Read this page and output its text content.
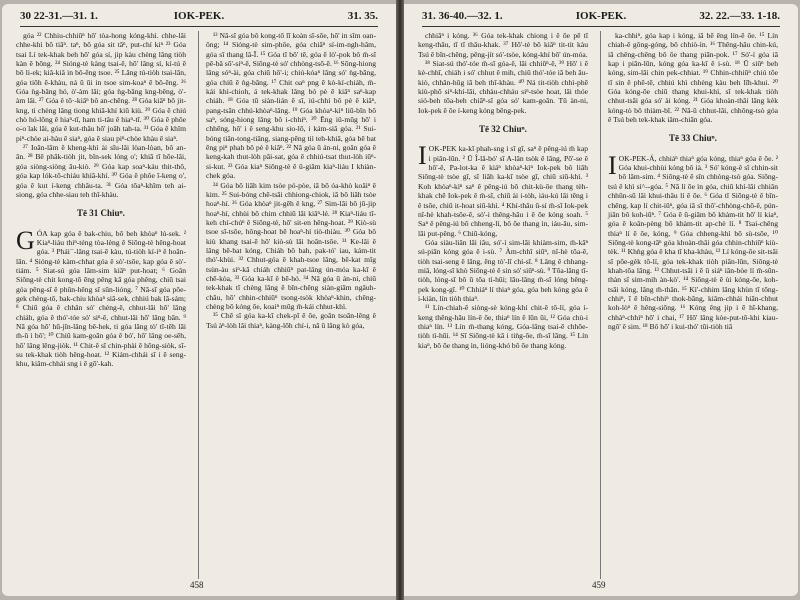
30 22-31.—31. 1.	IOK-PEK.	31. 35.

góa ²² Chhiu-chhiūⁿ hō' tòa-hong kóng-khì. chhe-lâi chhe-khì bô tiâⁿ. taⁿ, bô góa sit tāⁿ, put-chí kiⁿ ²³ Góa tsai Lí tek-khak beh hō' góa sí, jip kàu chèng lâng tiòh kàn ê bōng. ²⁴ Sióng-tè kàng tsai-ê, hō' lâng sí, kí-tú ē bô li-ek; kiâ-kiâ in bô-ēng tsoe. ²⁵ Lâng tú-tiòh tsai-lān, góa tiōh ē-khàu, ná ū ūi in tsoe sim-koaⁿ ē bô-ēng. ²⁶ Góa ǹg-bāng hó, ò'-àm lâi; góa ǹg-bāng kng-bêng, ò'-àm lâi. ²⁷ Góa ê tō·-kiâⁿ bô an-chēng. ²⁸ Góa kiâⁿ bô jit-kng, ti chèng lâng tiong khiā-khí kiû kiù. ²⁹ Góa ê chiú chò hó-lông ê hiaⁿ-tī, ham ti-tâu ê hiaⁿ-tī. ³⁰ Góa ê phôe o͘-o͘ lak lâi, góa ê kut-thâu hō' joāh tah-ta. ³¹ Góa ê khîm piⁿ-chòe ai-hàu ê siaⁿ, góa ê siau piⁿ-chòe khàu ê siaⁿ.

²⁷ Ioân-lâm ê kheng-khì ài sīu-lâi lòan-lòan, bô an-ān. ²⁸ Bē phāk-tiòh jit, bîn-sek lóng o'; khiā tī hōe-lâi, góa siòng-siòng āu-kiò. ²⁹ Góa kap soaⁿ-káu thit-thô, góa kap lók-tô-chiáu khiā-khí. ³⁰ Góa ê phôe ī-keng o', góa ê kut í-keng chhâu-ta. ³¹ Góa tōaⁿ-khîm teh ai-siong, góa chhe-siau teh thî-khàu.

Tē 31 Chiuⁿ.

GÓA kap góa ê bak-chiu, bô beh khòaⁿ lú-sek. ² Kiaⁿ-liáu thiⁿ-téng tòa-lèng ê Siōng-tè hêng-hoat góa. ³ Phái⁻-lâng tsai-ē kàu, tú-tiòh kí-iⁿ ê hoān-lān. ⁴ Sióng-tè kàm-chhat góa ê sò'-tsōe, kap góa ê sò'-tiám. ⁵ Siat-sú góa lâm-sim kiâⁿ put-hoat; ⁶ Goân Siōng-tè chit kong-tō ēng pêng kā góa phêng, chiū tsai góa pêng-sī ê phûn-hêng sī sūn-lióng. ⁷ Nā-sī góa pōe-gek chèng-tō, bak-chiu khòaⁿ siā-sek, chhiú bak lā-sám; ⁸ Chiū góa ê chhân só' chèng-ê, chhut-lâi hō' lâng chiáh, góa ê thó'-tóe só' siⁿ-ê, chhut-lâi hō' lâng bān. ⁹ Nā góa hō' hū-jîn-lâng bê-hek, ti góa lâng tò' tī-tēh lāi m̄-ū ì bô'; ¹⁰ Chiū kam-goān góa ê bó', hō' lâng oe-sēh, hō' lâng lêng-jiòk. ¹¹ Chit-ê sī chin-phài ê hōng-siòk, sī-su tek-khak tiòh hêng-hoat. ¹² Kiám-chhái sī i ē seng-khu, kiâm-chhái sng i ē gō'-kah.

¹³ Nā-sī góa bô kong-tō lī koàn sī-sōe, hō' in sīm oan-ông; ¹⁴ Sióng-tè sim-phôe, góa chiâⁿ sí-im-ngh-hâm, góa sī thang lâ-Ĩ. ¹⁵ Góa tī bô' tē, góa ē lò'-pok bô m̄-sī pê-bâ sō'-siⁿ-ē, Siōng-tè só' chhòng-tsō-ē. ¹⁶ Sōng-hiong lâng sóⁿ-ài, góa chiū hō'-i; chiú-kóaⁿ lâng só' ǹg-bāng, góa chiū ē ǹg-bāng. ¹⁷ Chit oaⁿ png ē kò-kí-chiáh, m̄-kái khì-chioh, á tek-khak lâng bó pè ē kiâⁿ saⁿ-kap chiáh. ¹⁸ Góa tū siàn-lián ê sî, iú-chhí bô pè ê kiâⁿ, pang-tsān chhú-khòaⁿ-lâng. ¹⁹ Góa khòaⁿ-kìⁿ liū-bīn bô saⁿ, sóng-hiong lâng bô i-chhiⁿ. ²⁰ Ēng iû-mūg hō' i chhēng, hō' i ê seng-khu sio-lō, i kám-siā góa. ²¹ Sui-bóng tiân-tong-tiâng, siang-pêng tiì teh-khiā, góa bē bat ēng piⁿ phah bô pè ê kiâⁿ. ²² Nā góa ū án-ni, goân góa ê keng-kah thut-lòh pāi-sat, góa ê chhiú-tsat thut-lòh iûⁿ-si-kut. ²³ Góa kiaⁿ Siōng-tè ê ū-giâm kiaⁿ-liáu I khiàn-chek góa.

²⁴ Góa bô liāh kim tsòe pó-pòe, iā bô óa-khò koâiⁿ ê kim. ²⁵ Sui-bóng chē-tsāi chhiong-chiok, iā bô liâh tsòe hoaⁿ-hí. ²⁶ Góa khòaⁿ jit-gēh ê kng, ²⁷ Sim-lāi bô jū-jip hoaⁿ-hí, chhùi bô chim chhiū lâi kiâⁿ-lé. ²⁸ Kiaⁿ-liáu tī-keh chí-chúⁿ ê Siōng-tè, hō' sit-en hêng-hoat. ²⁹ Kiò-sù tsoe sī-tsōe, hông-hoat bē hoaⁿ-hí tiò-thiàu. ³⁰ Góa bô kiù khang tsai-ē hō' kiò-sù lâi hoān-tsōe. ³¹ Ke-lâi ê lâng bē-bat kóng, Chiáh bô bah, pak-tó' iau, kám-tit thó'-khùi. ³² Chhut-góa ê khah-tsoe lâng, bē-kat mīg tsùn-àu siⁿ-kā chiáh chhiūⁿ pat-lâng ún-móa ka-kī ê chē-kòa, ³³ Góa ka-kī ê bē-hó. ³⁴ Nā góa ū án-ni, chiū tek-khak tī chèng lâng ê bīn-chêng siàn-giām ngāuh-chāu, hō' chhin-chhiūⁿ tsong-tsòk khòaⁿ-khin, chēng-chèng bô kóng ōe, koaiⁿ mūg m̄-kái chhut-khì.

³⁵ Chē sī góa ka-kī chek-pī ê ōe, goān tsoān-lêng ê Tsú àⁿ-lòh lâi thiaⁿ, kàng-lōh chí-i, nā ū lâng kò góa,

458
31. 36-40.—32. 1.	IOK-PEK.	32. 22.—33. 1-18.

chhiāⁿ i kóng. ³⁶ Góa tek-khak chiong i ê ōe pē tī keng-thâu, tī tī thâu-khak. ³⁷ Hō'-tè bô kiâⁿ tit-tit kàu Tsú ê bīn-chêng, pêng-jít só'-tsòe, kóng-khí bô' ún-móa.

³⁸ Siat-sú thó'-tóe m̄-sī góa-ê, lâi chhiūⁿ-ê, ³⁹ Hō' i ē kè-chhī, chiáh i só' chhut ê mih, chiū thó'-tóe iā beh āu-kiò, chhân-hūg iā beh thī-khàu. ⁴⁰ Ná tit-tiòh chhì-phē kiù-phō siⁿ-khí-lâi, chhàu-chháu siⁿ-tsòe hoat, lâi thóe sió-beh tōa-beh chiāⁿ-sī góa só' kam-goān. Tû àn-ni, Iok-pek ê ōe í-keng kóng bêng-pek.

Tē 32 Chiuⁿ.

IOK-PEK ka-kī phah-sng i sī gī, saⁿ ê pêng-iú m̄ kap i piān-lūn. ² Ū Î-lâ-bó' sī A-lân tsòk ê lâng, Pō'-se ê hō'-ê, Pa-lot-ka ê kiáⁿ khòaⁿ-kìⁿ Iok-pek bô liâh Siōng-tè tsòe gī, sī liāh ka-kī tsòe gī, chiū siū-khì. ³ Koh khòaⁿ-kìⁿ saⁿ ê pêng-iú bô chit-kù-ōe thang tèh-khak chē Iok-pek ê m̄-sī, chiū ài i-tòh, iáu-kú lâi tēng i ê tsōe, chiū it-hoat siū-khì. ⁴ Khí-thâu ū-sí m̄-sī Iok-pek nî-hè khah-tsōe-ê, só'-i thêng-hāu i ê ōe kóng soah. ⁵ Saⁿ ê pêng-iú bô chheng-lí, bô ōe thang ìn, iáu-āu, sim-lāi put-pêng. ⁶ Chiū-kóng,

Góa siàu-liân lâi iâu, só'-í sim-lāi khiàm-sim, m̄-kāⁿ sú-piān kóng góa ê i-sù. ⁷ Àm-chhī siūⁿ, nî-hè tōa-ê, tiòh tsai-seng ê lâng, ēng tò'-lî chí-sī. ⁸ Lâng ê chhang-miâ, lóng-sī khò Siōng-tè ê sin só' siūⁿ-sù. ⁹ Tōa-lâng tī-tiòh, lóng-sī bô ū tōa tì-hūi; lāu-lâng m̄-sī lóng bêng-pek kong-gī. ¹⁰ Chhiáⁿ lí thiaⁿ góa, góa beh kóng góa ê i-kiàn, lín tiòh thiaⁿ.

¹¹ Lín-chiah-ê siòng-sè kóng-khí chit-ê tō-lí, góa í-keng thêng-hāu lín-ê ōe, thiaⁿ lín ê lūn ūi, ¹² Góa chù-i thiaⁿ lín. ¹³ Lín m̄-thang kóng, Góa-lâng tsai-ē chhōe-tiòh tì-hūi. ¹⁴ Sī Siōng-tè kā i tiǹg-ōe, m̄-sī lâng. ¹⁵ Lín kiaⁿ, bô ōe thang ìn, lióng-khó bô ōe thang kóng.

ka-chhiⁿ, góa kap i kóng, iā bē ēng lín-ê ōe. ¹⁵ Lín chiah-ê gông-góng, bô chhiò-ìn. ¹⁶ Thêng-hāu chin-kú, iā chêng-chêng bô ōe thang piān-pok. ¹⁷ Só'-í góa iā kap i piān-lūn, kóng góa ka-kī ê i-sù. ¹⁸ Ū siūⁿ beh kóng, sim-lāi chin pek-chhiat. ¹⁹ Chhin-chhiūⁿ chiú tōe tī sin ê phê-tē, chhiú khì chhèng kàu beh lîh-khui. ²⁰ Góa kóng-ōe chiū thang khui-khì, sī tek-khak tiòh chhut-tsāi góa só' ài kóng. ²¹ Góa khoàn-thâi lâng kèk kóng-tò bô thiàm-bī. ²² Nā-ū chhut-lâi, chhông-tsò góa ê Tsú beh tek-khak iâm-chiān góa.

Tē 33 Chiuⁿ.

IOK-PEK-Á, chhiáⁿ thiaⁿ góa kóng, thiaⁿ góa ê ōe. ² Góa khui-chhùi kóng bô ià. ³ Só' kóng-ê sī chhin-sit bô lâm-sim. ⁴ Siōng-tè ê sîn chhòng-tsò góa. Siōng-tsú ê khì sì^--góa. ⁵ Nā lí ōe ìn góa, chiū khí-lâi chhiân chhūn-sū lâi khui-thâu lí ê ōe. ⁶ Góa tī Siōng-tè ê bīn-chêng, kap lí chit-iūⁿ, góa iā sī thô'-chhòng-chō-ê, pún-jiân bô koh-iūⁿ. ⁷ Góa ê ū-giâm bô khàm-tit hō' lí kiaⁿ, góa ê koân-pèng bô khàm-tit ap-chè lí. ⁸ Tsai-chêng thiaⁿ lí ê ōe, kóng, ⁹ Góa chheng-khì bô sù-tsōe, ¹⁰ Siōng-tè kong-tāⁿ góa khoàn-thâi góa chhin-chhiūⁿ kiù-tèk. ¹¹ Khǹg góa ê kha tī kha-khàu, ¹² Lí kóng-ōe sit-tsāi sī pōe-gèk tō-lí, góa tek-khak tiòh piān-lūn, Siōng-tè khah-tōa lâng. ¹³ Chhut-tsāi i ē ū siáⁿ iān-bòe lí m̄-sūn-thàn sī sim-mih àn-kò'. ¹⁴ Siōng-tè ē ùi kóng-ōe, koh-tsāi kóng, lâng m̄-thân. ¹⁵ Kì'-chhim lâng khùn tī tōng-chhiⁿ, ī ē bīn-chhiⁿ thok-bāng, kiâm-chhái hiān-chhut koh-lòⁿ ê hêng-siōng. ¹⁶ Kóng ēng jip i ē hī-khang, chhàⁿ-chhiⁿ hō' i chai, ¹⁷ Hō' lâng kòe-put-tō-khi kiau-ngō' ê sim. ¹⁸ Bô hō' i kui-thó' tūi-tiòh tiā

459
